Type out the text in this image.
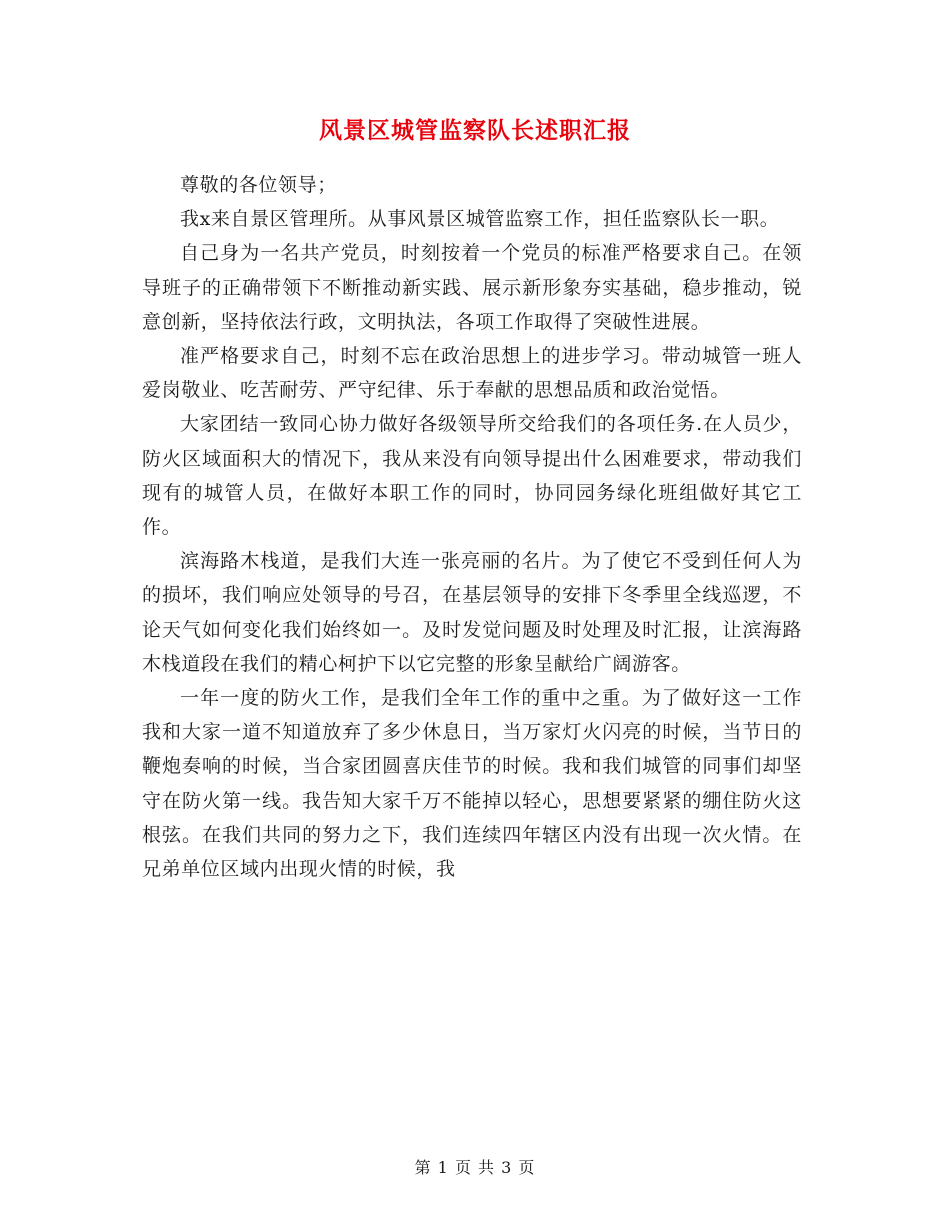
风景区城管监察队长述职汇报

尊敬的各位领导；

我x来自景区管理所。从事风景区城管监察工作，担任监察队长一职。

自己身为一名共产党员，时刻按着一个党员的标准严格要求自己。在领导班子的正确带领下不断推动新实践、展示新形象夯实基础，稳步推动，锐意创新，坚持依法行政，文明执法，各项工作取得了突破性进展。

准严格要求自己，时刻不忘在政治思想上的进步学习。带动城管一班人爱岗敬业、吃苦耐劳、严守纪律、乐于奉献的思想品质和政治觉悟。

大家团结一致同心协力做好各级领导所交给我们的各项任务.在人员少，防火区域面积大的情况下，我从来没有向领导提出什么困难要求，带动我们现有的城管人员，在做好本职工作的同时，协同园务绿化班组做好其它工作。

滨海路木栈道，是我们大连一张亮丽的名片。为了使它不受到任何人为的损坏，我们响应处领导的号召，在基层领导的安排下冬季里全线巡逻，不论天气如何变化我们始终如一。及时发觉问题及时处理及时汇报，让滨海路木栈道段在我们的精心柯护下以它完整的形象呈献给广阔游客。

一年一度的防火工作，是我们全年工作的重中之重。为了做好这一工作我和大家一道不知道放弃了多少休息日，当万家灯火闪亮的时候，当节日的鞭炮奏响的时候，当合家团圆喜庆佳节的时候。我和我们城管的同事们却坚守在防火第一线。我告知大家千万不能掉以轻心，思想要紧紧的绷住防火这根弦。在我们共同的努力之下，我们连续四年辖区内没有出现一次火情。在兄弟单位区域内出现火情的时候，我

第 1 页 共 3 页
